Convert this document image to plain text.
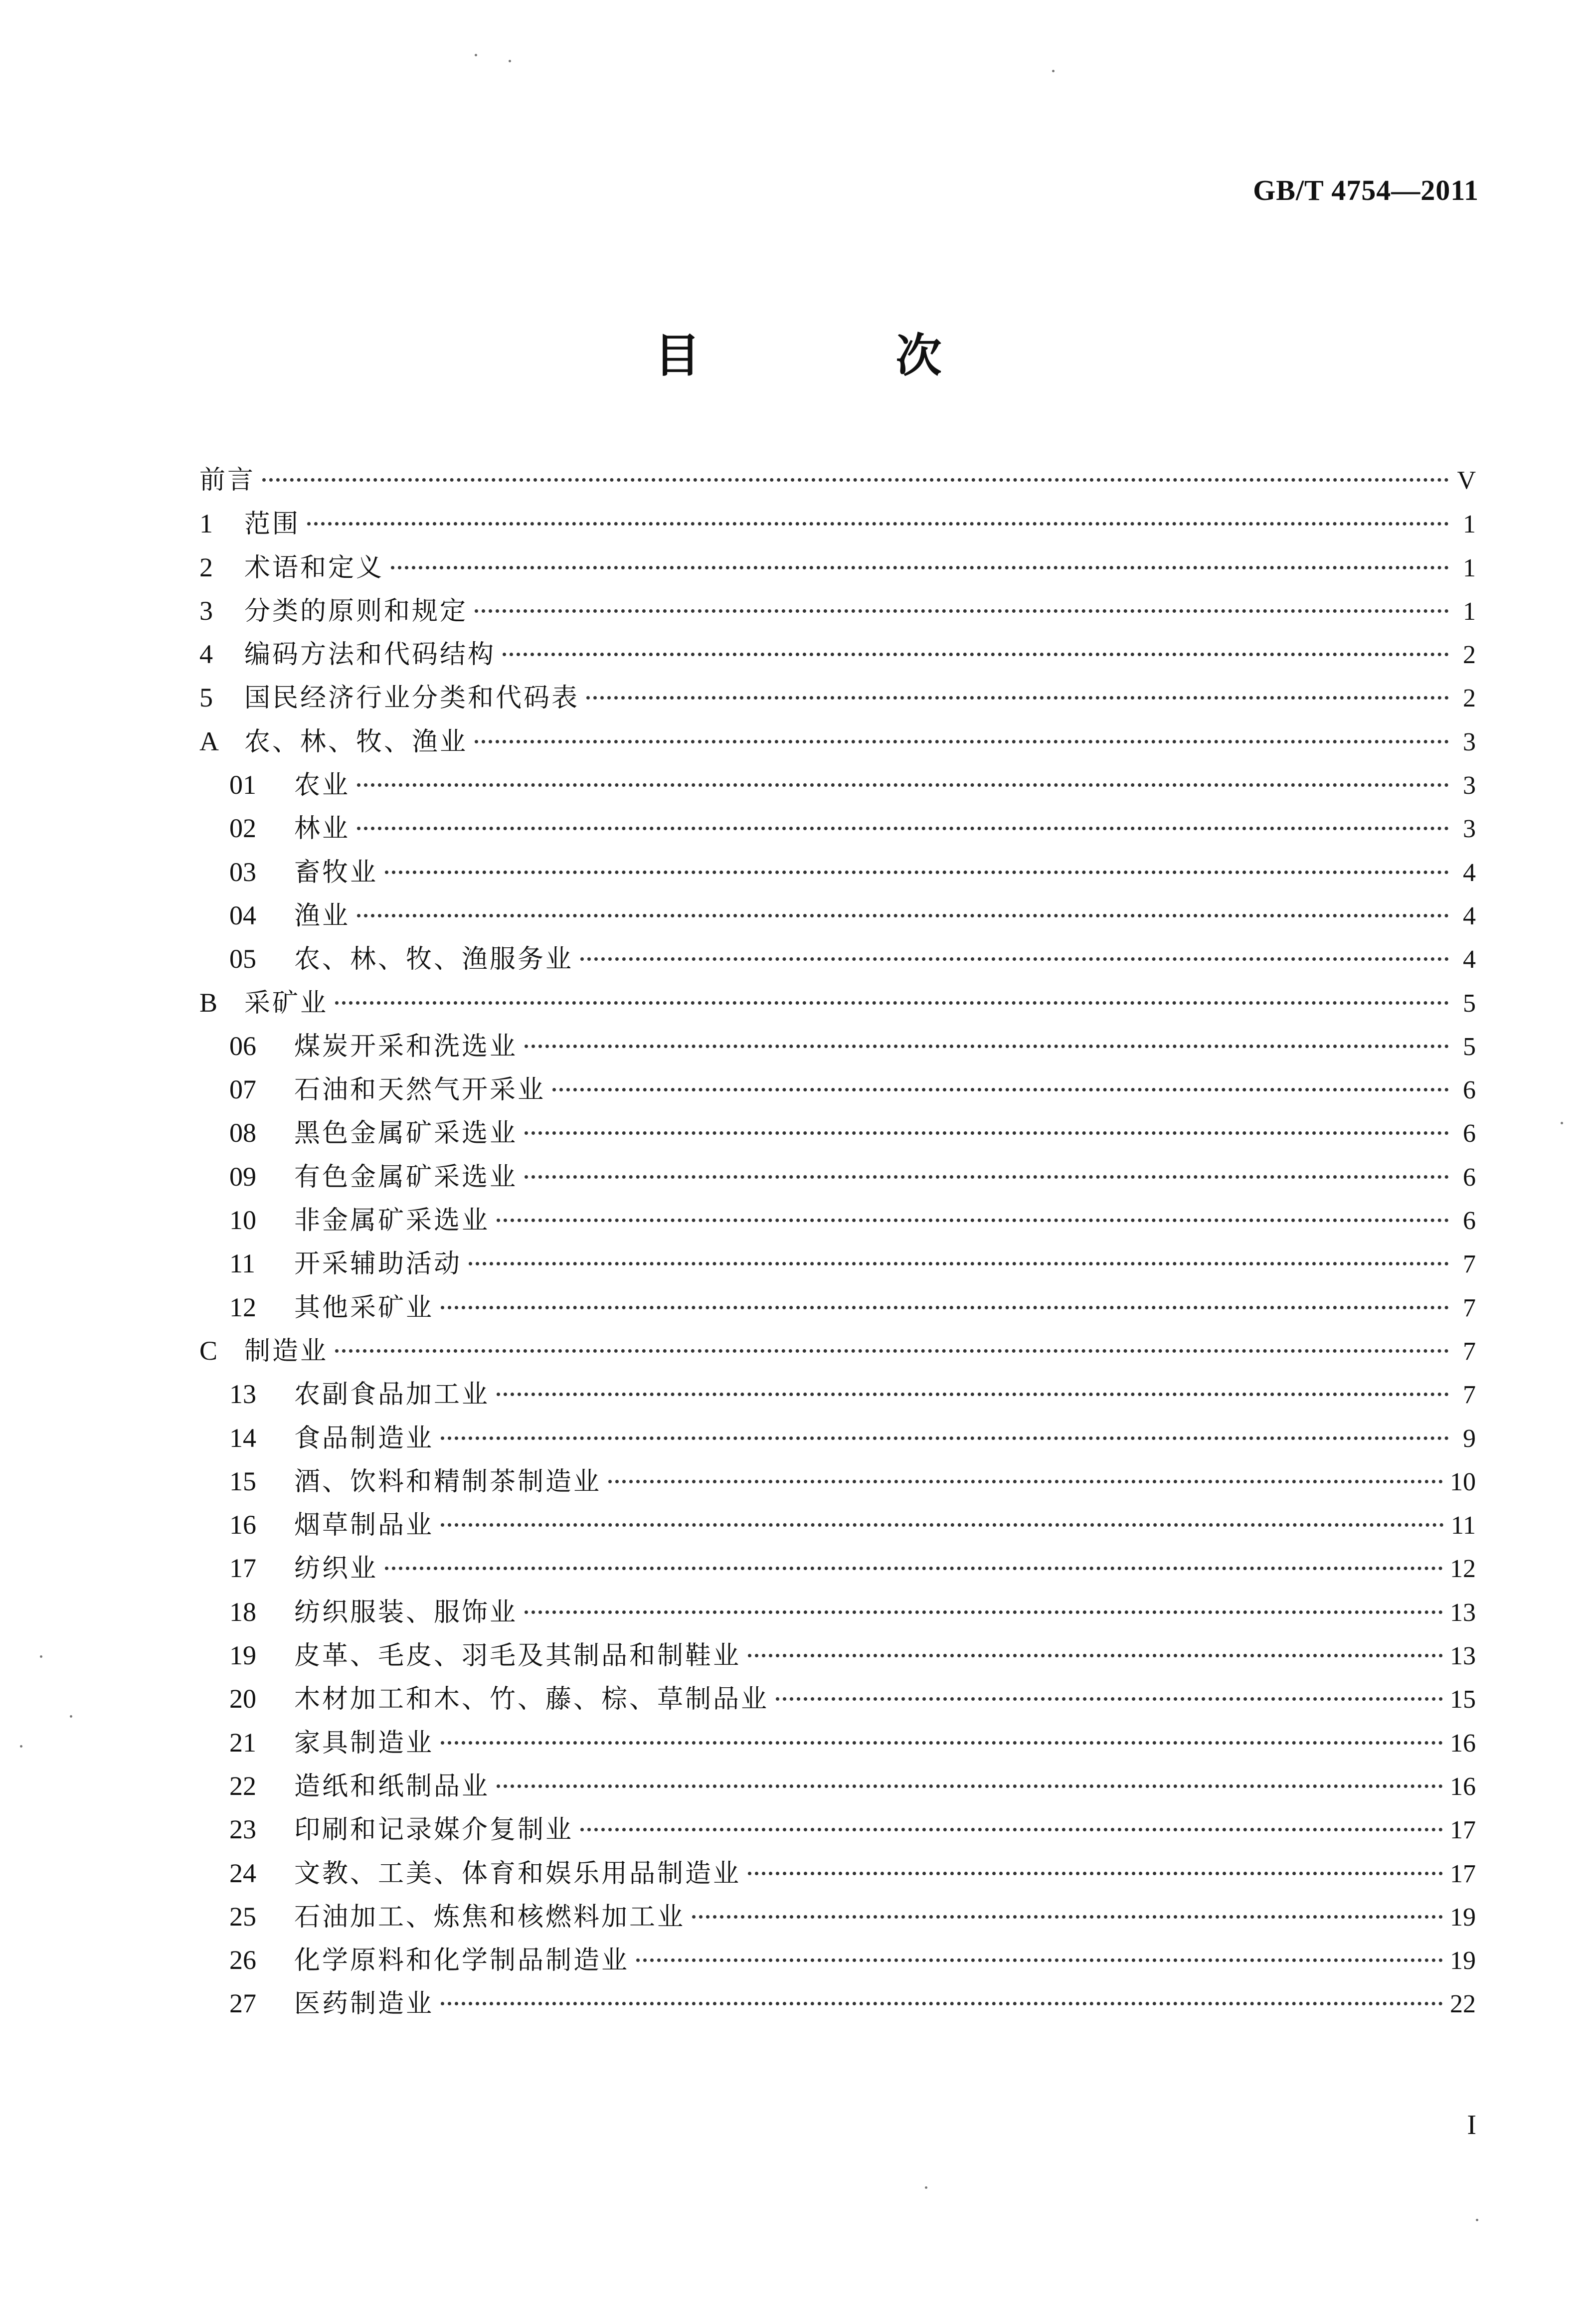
GB/T 4754—2011
目　次
前言	V
1	范围	1
2	术语和定义	1
3	分类的原则和规定	1
4	编码方法和代码结构	2
5	国民经济行业分类和代码表	2
A 农、林、牧、渔业	3
01	农业	3
02	林业	3
03	畜牧业	4
04	渔业	4
05	农、林、牧、渔服务业	4
B	采矿业	5
06	煤炭开采和洗选业	5
07	石油和天然气开采业	6
08	黑色金属矿采选业	6
09	有色金属矿采选业	6
10	非金属矿采选业	6
11	开采辅助活动	7
12	其他采矿业	7
C	制造业	7
13	农副食品加工业	7
14	食品制造业	9
15	酒、饮料和精制茶制造业	10
16	烟草制品业	11
17	纺织业	12
18	纺织服装、服饰业	13
19	皮革、毛皮、羽毛及其制品和制鞋业	13
20	木材加工和木、竹、藤、棕、草制品业	15
21	家具制造业	16
22	造纸和纸制品业	16
23	印刷和记录媒介复制业	17
24	文教、工美、体育和娱乐用品制造业	17
25	石油加工、炼焦和核燃料加工业	19
26	化学原料和化学制品制造业	19
27	医药制造业	22
I
